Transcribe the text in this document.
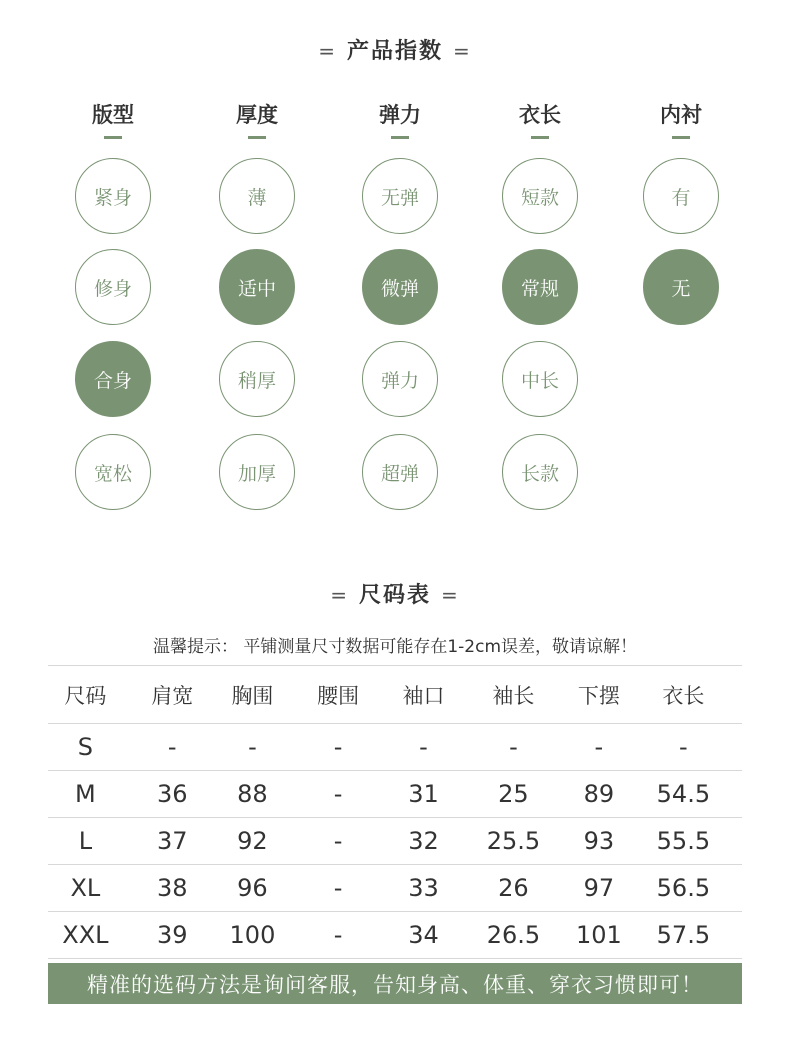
= 产品指数 =
版型
紧身
修身
合身
宽松
厚度
薄
适中
稍厚
加厚
弹力
无弹
微弹
弹力
超弹
衣长
短款
常规
中长
长款
内衬
有
无
= 尺码表 =
温馨提示： 平铺测量尺寸数据可能存在1-2cm误差，敬请谅解！
尺码	肩宽	胸围	腰围	袖口	袖长	下摆	衣长
S	-	-	-	-	-	-	-
M	36	88	-	31	25	89	54.5
L	37	92	-	32	25.5	93	55.5
XL	38	96	-	33	26	97	56.5
XXL	39	100	-	34	26.5	101	57.5
精准的选码方法是询问客服，告知身高、体重、穿衣习惯即可！
